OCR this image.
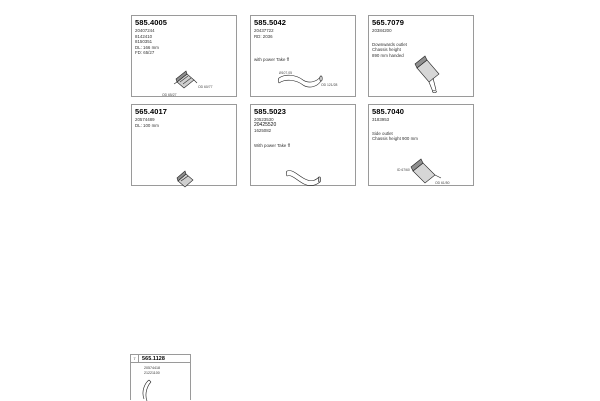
585.4005
20407244
8142410
8150351
DL: 166 mm
FD: 65/27
OD 65/27
OD 60/77
585.5042
20437722
RD: 2036
with power Take ff
Ø107.05
OD 121/28
565.7079
20384200
Downwards outlet
Chassis height
890 mm handed
565.4017
20574489
DL: 100 mm
585.5023
20523530
20425520
1625082
With power Take ff
585.7040
3183953
Side outlet
Chassis height 900 mm
ID 67/60
OD 61/50
7	565.1128
20574418
21221100
